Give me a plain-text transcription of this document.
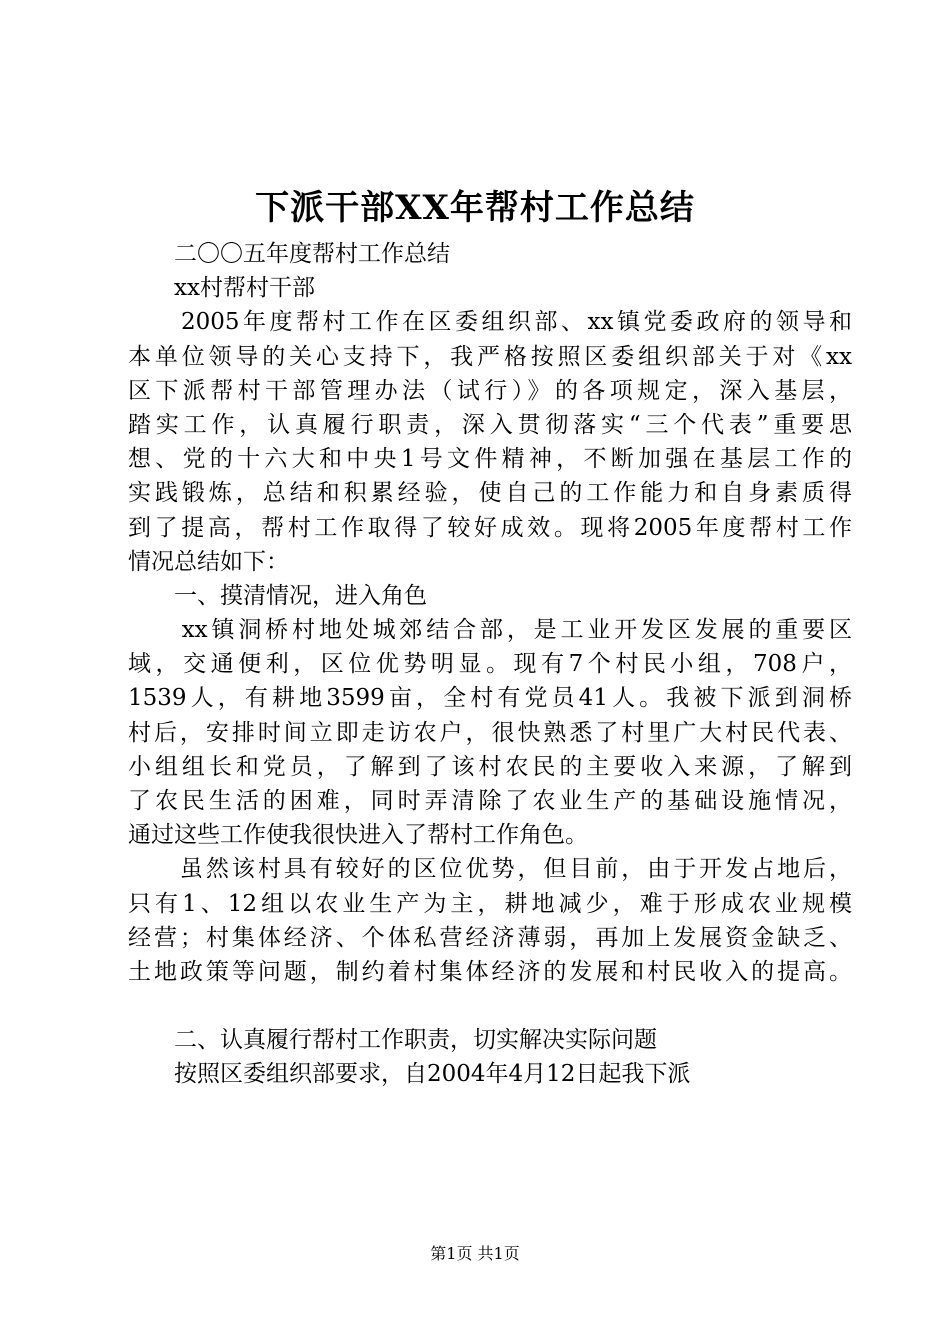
下派干部XX年帮村工作总结
　　二〇〇五年度帮村工作总结
　　xx村帮村干部
　　2005年度帮村工作在区委组织部、xx镇党委政府的领导和
本单位领导的关心支持下，我严格按照区委组织部关于对《xx
区下派帮村干部管理办法（试行）》的各项规定，深入基层，
踏实工作，认真履行职责，深入贯彻落实“三个代表”重要思
想、党的十六大和中央1号文件精神，不断加强在基层工作的
实践锻炼，总结和积累经验，使自己的工作能力和自身素质得
到了提高，帮村工作取得了较好成效。现将2005年度帮村工作
情况总结如下：
　　一、摸清情况，进入角色
　　xx镇洞桥村地处城郊结合部，是工业开发区发展的重要区
域，交通便利，区位优势明显。现有7个村民小组，708户，
1539人，有耕地3599亩，全村有党员41人。我被下派到洞桥
村后，安排时间立即走访农户，很快熟悉了村里广大村民代表、
小组组长和党员，了解到了该村农民的主要收入来源，了解到
了农民生活的困难，同时弄清除了农业生产的基础设施情况，
通过这些工作使我很快进入了帮村工作角色。
　　虽然该村具有较好的区位优势，但目前，由于开发占地后，
只有1、12组以农业生产为主，耕地减少，难于形成农业规模
经营；村集体经济、个体私营经济薄弱，再加上发展资金缺乏、
土地政策等问题，制约着村集体经济的发展和村民收入的提高。
　　二、认真履行帮村工作职责，切实解决实际问题
　　按照区委组织部要求，自2004年4月12日起我下派
第1页 共1页
